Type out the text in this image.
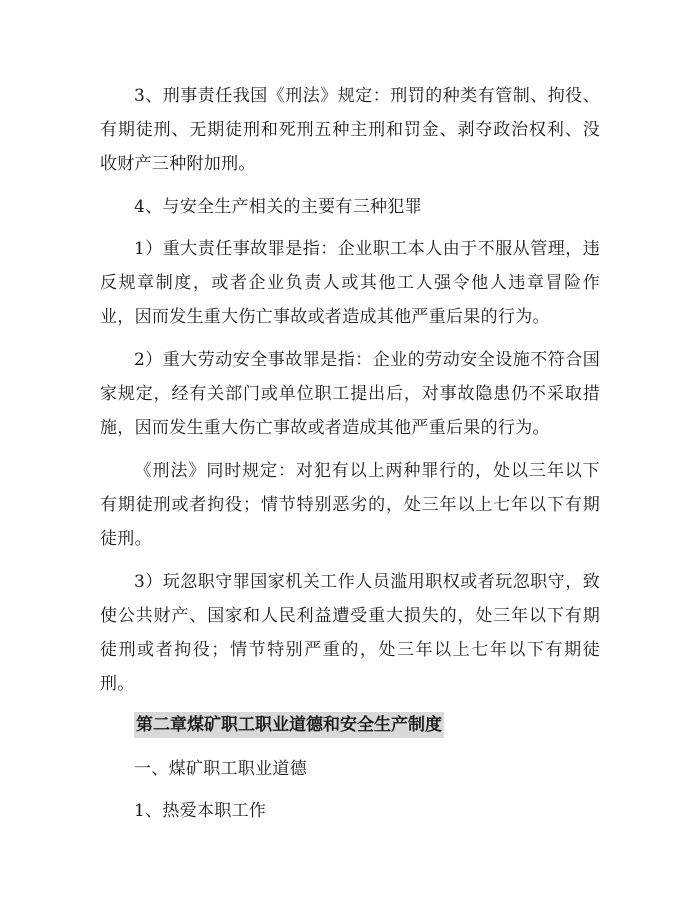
3、刑事责任我国《刑法》规定：刑罚的种类有管制、拘役、有期徒刑、无期徒刑和死刑五种主刑和罚金、剥夺政治权利、没收财产三种附加刑。

4、与安全生产相关的主要有三种犯罪

1）重大责任事故罪是指：企业职工本人由于不服从管理，违反规章制度，或者企业负责人或其他工人强令他人违章冒险作业，因而发生重大伤亡事故或者造成其他严重后果的行为。

2）重大劳动安全事故罪是指：企业的劳动安全设施不符合国家规定，经有关部门或单位职工提出后，对事故隐患仍不采取措施，因而发生重大伤亡事故或者造成其他严重后果的行为。

《刑法》同时规定：对犯有以上两种罪行的，处以三年以下有期徒刑或者拘役；情节特别恶劣的，处三年以上七年以下有期徒刑。

3）玩忽职守罪国家机关工作人员滥用职权或者玩忽职守，致使公共财产、国家和人民利益遭受重大损失的，处三年以下有期徒刑或者拘役；情节特别严重的，处三年以上七年以下有期徒刑。

第二章煤矿职工职业道德和安全生产制度

一、煤矿职工职业道德

1、热爱本职工作
